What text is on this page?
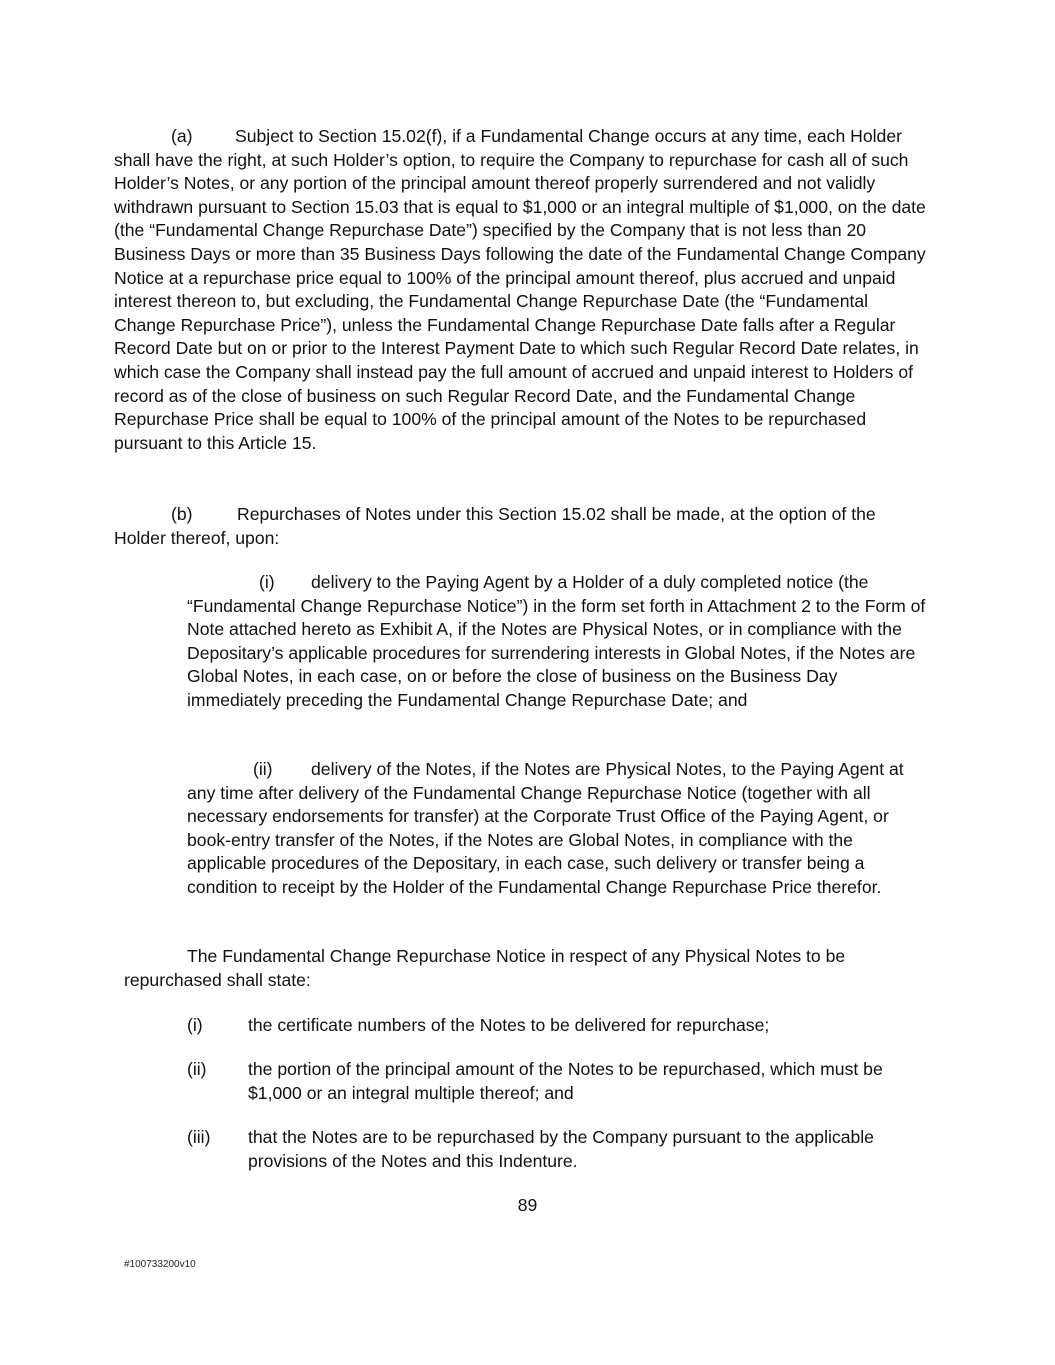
(a) Subject to Section 15.02(f), if a Fundamental Change occurs at any time, each Holder shall have the right, at such Holder’s option, to require the Company to repurchase for cash all of such Holder’s Notes, or any portion of the principal amount thereof properly surrendered and not validly withdrawn pursuant to Section 15.03 that is equal to $1,000 or an integral multiple of $1,000, on the date (the “Fundamental Change Repurchase Date”) specified by the Company that is not less than 20 Business Days or more than 35 Business Days following the date of the Fundamental Change Company Notice at a repurchase price equal to 100% of the principal amount thereof, plus accrued and unpaid interest thereon to, but excluding, the Fundamental Change Repurchase Date (the “Fundamental Change Repurchase Price”), unless the Fundamental Change Repurchase Date falls after a Regular Record Date but on or prior to the Interest Payment Date to which such Regular Record Date relates, in which case the Company shall instead pay the full amount of accrued and unpaid interest to Holders of record as of the close of business on such Regular Record Date, and the Fundamental Change Repurchase Price shall be equal to 100% of the principal amount of the Notes to be repurchased pursuant to this Article 15.

(b)	Repurchases of Notes under this Section 15.02 shall be made, at the option of the Holder thereof, upon:

(i) delivery to the Paying Agent by a Holder of a duly completed notice (the “Fundamental Change Repurchase Notice”) in the form set forth in Attachment 2 to the Form of Note attached hereto as Exhibit A, if the Notes are Physical Notes, or in compliance with the Depositary’s applicable procedures for surrendering interests in Global Notes, if the Notes are Global Notes, in each case, on or before the close of business on the Business Day immediately preceding the Fundamental Change Repurchase Date; and

(ii) delivery of the Notes, if the Notes are Physical Notes, to the Paying Agent at any time after delivery of the Fundamental Change Repurchase Notice (together with all necessary endorsements for transfer) at the Corporate Trust Office of the Paying Agent, or book-entry transfer of the Notes, if the Notes are Global Notes, in compliance with the applicable procedures of the Depositary, in each case, such delivery or transfer being a condition to receipt by the Holder of the Fundamental Change Repurchase Price therefor.

The Fundamental Change Repurchase Notice in respect of any Physical Notes to be repurchased shall state:

(i)	the certificate numbers of the Notes to be delivered for repurchase;
(ii) the portion of the principal amount of the Notes to be repurchased, which must be $1,000 or an integral multiple thereof; and
(iii) that the Notes are to be repurchased by the Company pursuant to the applicable provisions of the Notes and this Indenture.
89
#100733200v10
